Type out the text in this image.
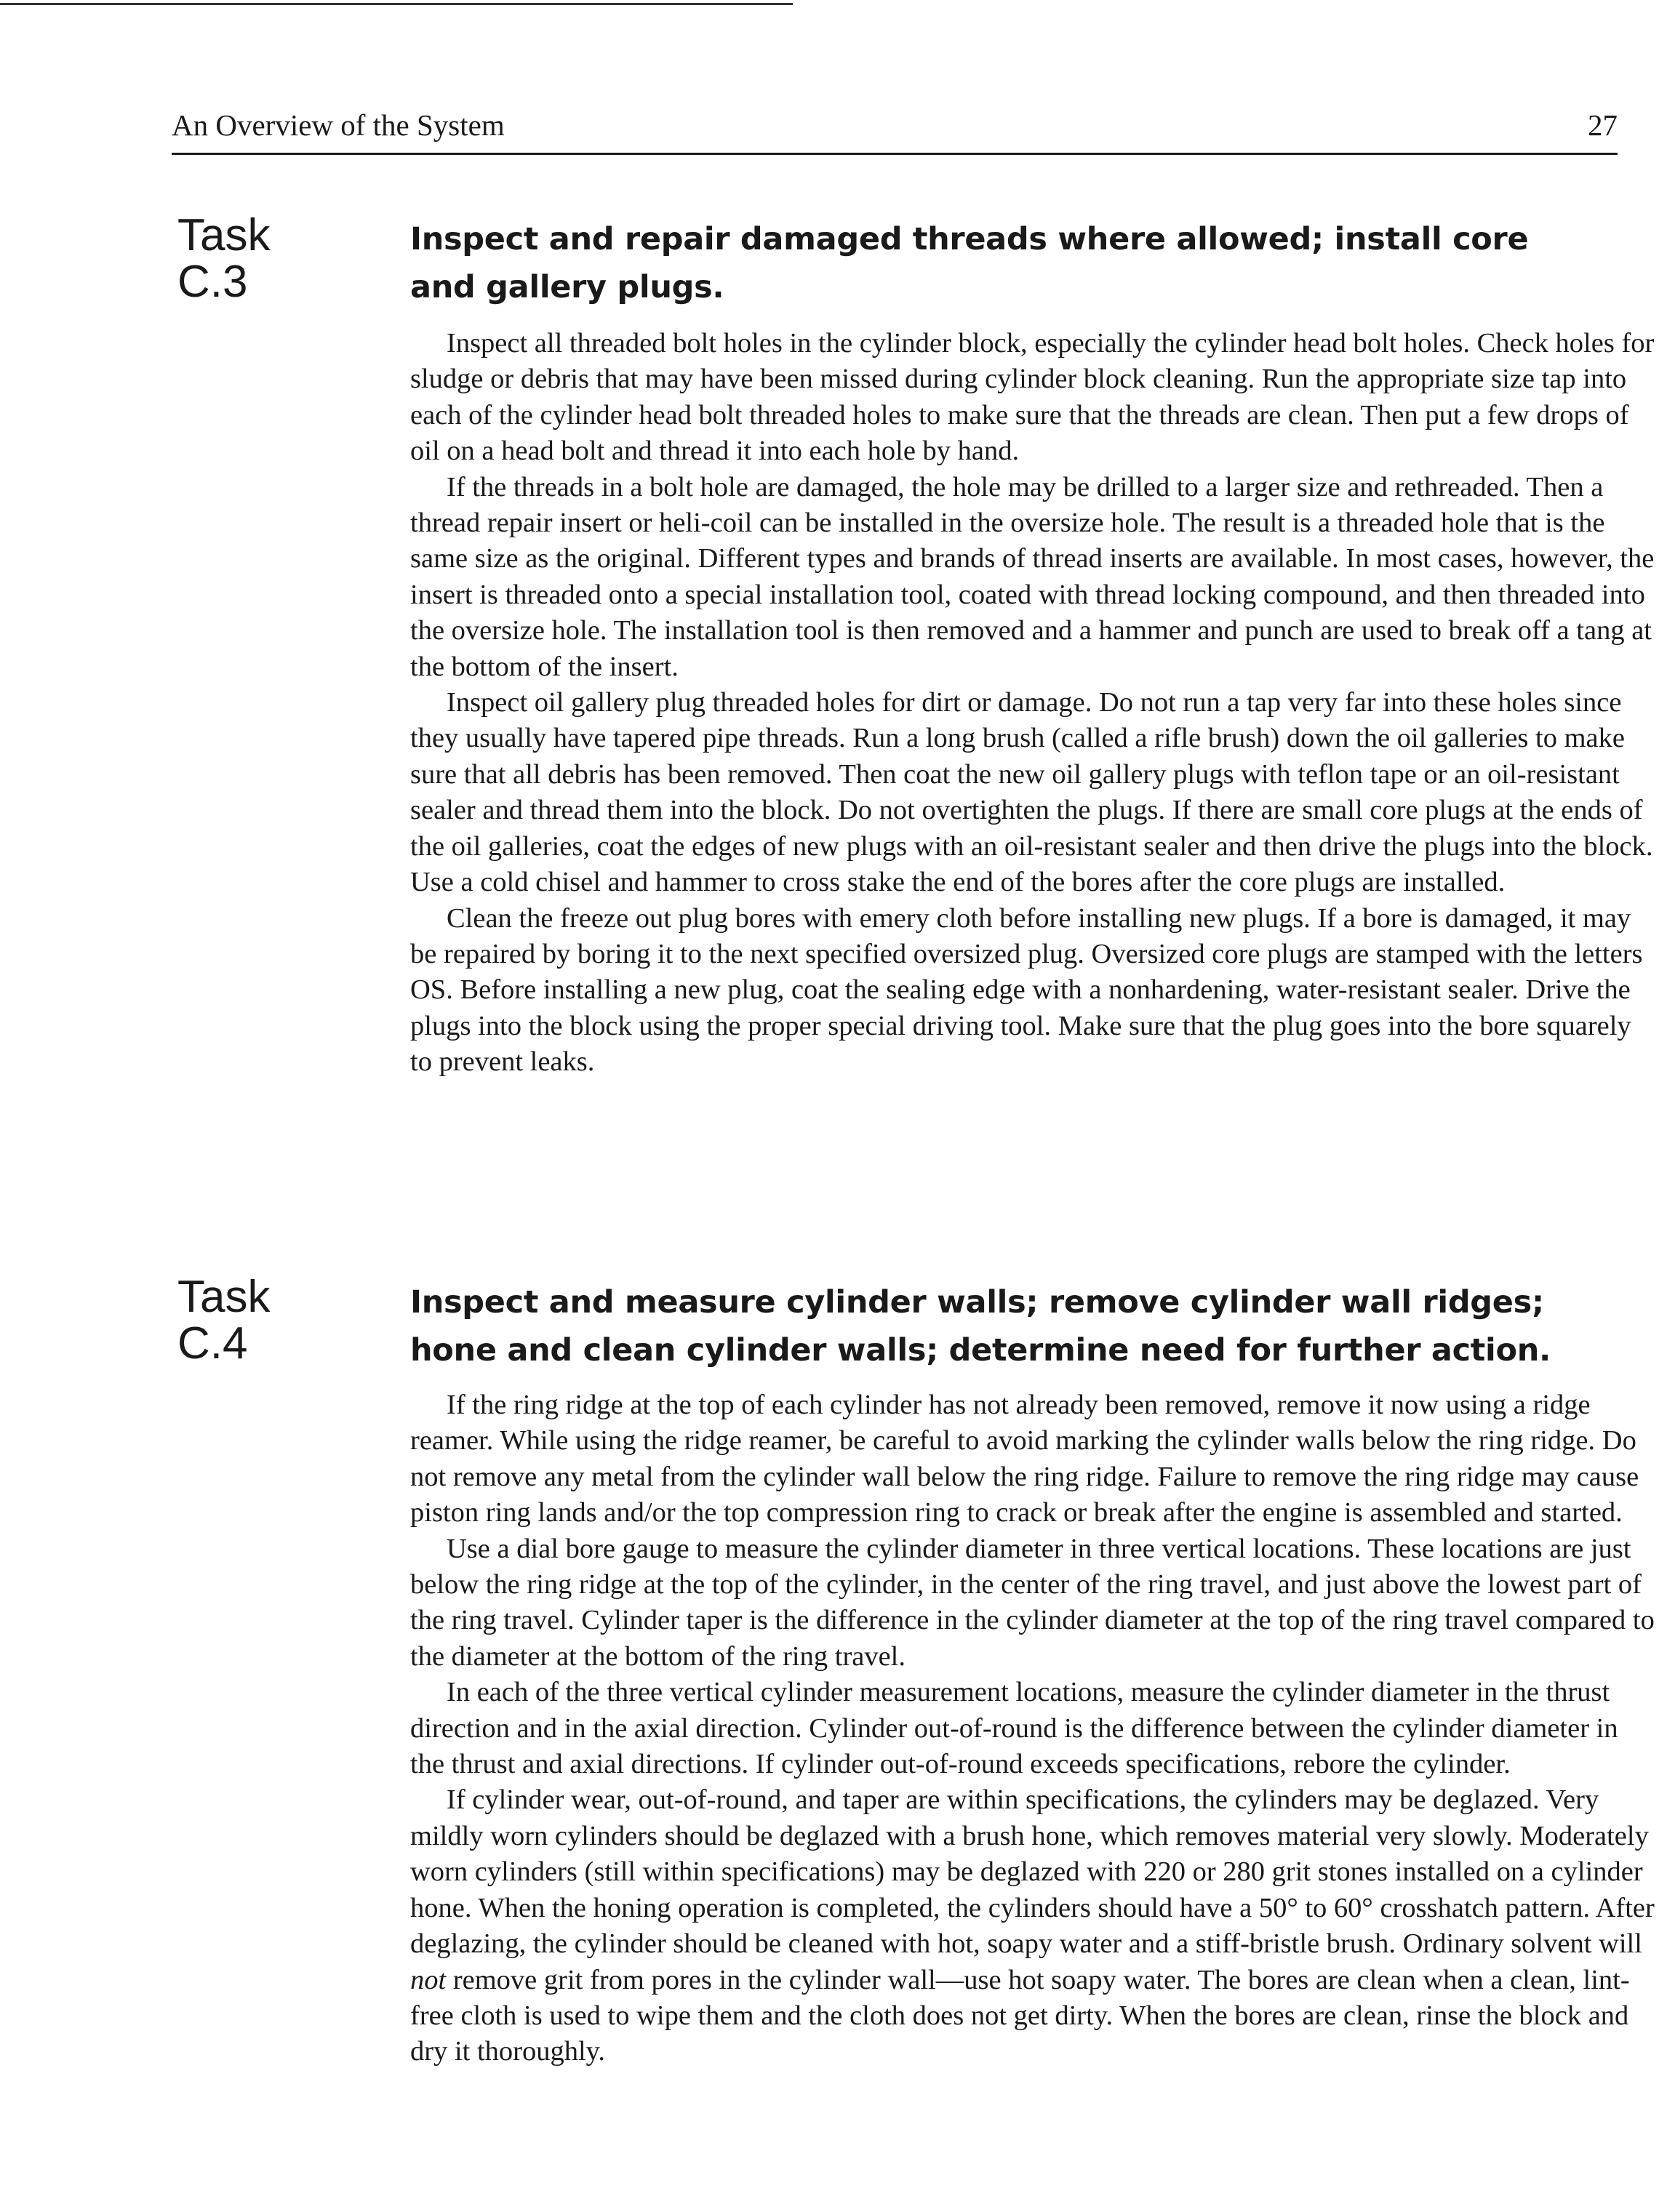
An Overview of the System	27
Task
C.3
Inspect and repair damaged threads where allowed; install core and gallery plugs.

Inspect all threaded bolt holes in the cylinder block, especially the cylinder head bolt holes. Check holes for sludge or debris that may have been missed during cylinder block cleaning. Run the appropriate size tap into each of the cylinder head bolt threaded holes to make sure that the threads are clean. Then put a few drops of oil on a head bolt and thread it into each hole by hand.

If the threads in a bolt hole are damaged, the hole may be drilled to a larger size and rethreaded. Then a thread repair insert or heli-coil can be installed in the oversize hole. The result is a threaded hole that is the same size as the original. Different types and brands of thread inserts are available. In most cases, however, the insert is threaded onto a special installation tool, coated with thread locking compound, and then threaded into the oversize hole. The installation tool is then removed and a hammer and punch are used to break off a tang at the bottom of the insert.

Inspect oil gallery plug threaded holes for dirt or damage. Do not run a tap very far into these holes since they usually have tapered pipe threads. Run a long brush (called a rifle brush) down the oil galleries to make sure that all debris has been removed. Then coat the new oil gallery plugs with teflon tape or an oil-resistant sealer and thread them into the block. Do not overtighten the plugs. If there are small core plugs at the ends of the oil galleries, coat the edges of new plugs with an oil-resistant sealer and then drive the plugs into the block. Use a cold chisel and hammer to cross stake the end of the bores after the core plugs are installed.

Clean the freeze out plug bores with emery cloth before installing new plugs. If a bore is damaged, it may be repaired by boring it to the next specified oversized plug. Oversized core plugs are stamped with the letters OS. Before installing a new plug, coat the sealing edge with a nonhardening, water-resistant sealer. Drive the plugs into the block using the proper special driving tool. Make sure that the plug goes into the bore squarely to prevent leaks.

Task
C.4
Inspect and measure cylinder walls; remove cylinder wall ridges; hone and clean cylinder walls; determine need for further action.

If the ring ridge at the top of each cylinder has not already been removed, remove it now using a ridge reamer. While using the ridge reamer, be careful to avoid marking the cylinder walls below the ring ridge. Do not remove any metal from the cylinder wall below the ring ridge. Failure to remove the ring ridge may cause piston ring lands and/or the top compression ring to crack or break after the engine is assembled and started.

Use a dial bore gauge to measure the cylinder diameter in three vertical locations. These locations are just below the ring ridge at the top of the cylinder, in the center of the ring travel, and just above the lowest part of the ring travel. Cylinder taper is the difference in the cylinder diameter at the top of the ring travel compared to the diameter at the bottom of the ring travel.

In each of the three vertical cylinder measurement locations, measure the cylinder diameter in the thrust direction and in the axial direction. Cylinder out-of-round is the difference between the cylinder diameter in the thrust and axial directions. If cylinder out-of-round exceeds specifications, rebore the cylinder.

If cylinder wear, out-of-round, and taper are within specifications, the cylinders may be deglazed. Very mildly worn cylinders should be deglazed with a brush hone, which removes material very slowly. Moderately worn cylinders (still within specifications) may be deglazed with 220 or 280 grit stones installed on a cylinder hone. When the honing operation is completed, the cylinders should have a 50° to 60° crosshatch pattern. After deglazing, the cylinder should be cleaned with hot, soapy water and a stiff-bristle brush. Ordinary solvent will not remove grit from pores in the cylinder wall—use hot soapy water. The bores are clean when a clean, lint-free cloth is used to wipe them and the cloth does not get dirty. When the bores are clean, rinse the block and dry it thoroughly.
